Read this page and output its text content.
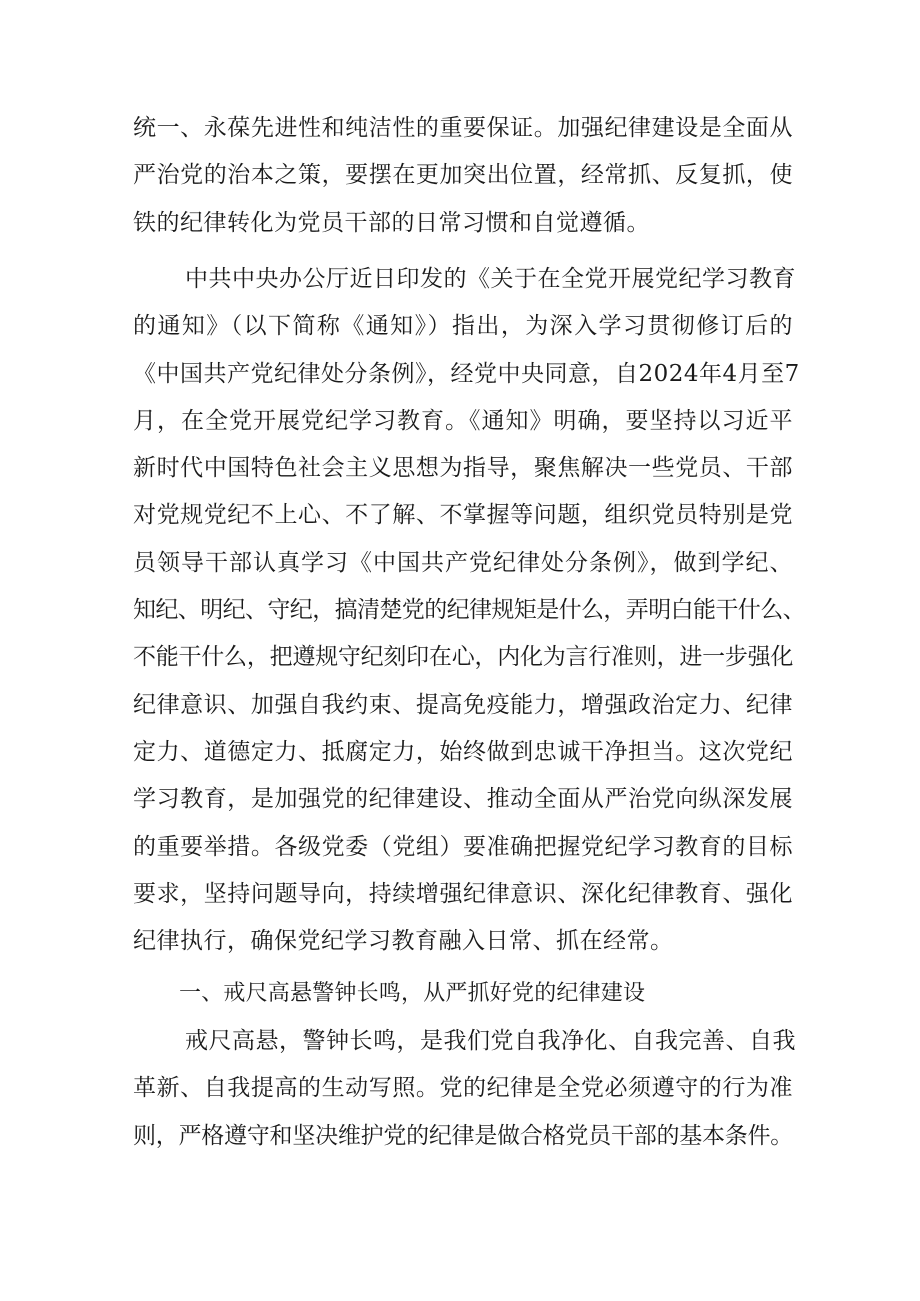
统一、永葆先进性和纯洁性的重要保证。加强纪律建设是全面从
严治党的治本之策，要摆在更加突出位置，经常抓、反复抓，使
铁的纪律转化为党员干部的日常习惯和自觉遵循。
中共中央办公厅近日印发的《关于在全党开展党纪学习教育
的通知》（以下简称《通知》）指出，为深入学习贯彻修订后的
《中国共产党纪律处分条例》，经党中央同意，自2024年4月至7
月，在全党开展党纪学习教育。《通知》明确，要坚持以习近平
新时代中国特色社会主义思想为指导，聚焦解决一些党员、干部
对党规党纪不上心、不了解、不掌握等问题，组织党员特别是党
员领导干部认真学习《中国共产党纪律处分条例》，做到学纪、
知纪、明纪、守纪，搞清楚党的纪律规矩是什么，弄明白能干什么、
不能干什么，把遵规守纪刻印在心，内化为言行准则，进一步强化
纪律意识、加强自我约束、提高免疫能力，增强政治定力、纪律
定力、道德定力、抵腐定力，始终做到忠诚干净担当。这次党纪
学习教育，是加强党的纪律建设、推动全面从严治党向纵深发展
的重要举措。各级党委（党组）要准确把握党纪学习教育的目标
要求，坚持问题导向，持续增强纪律意识、深化纪律教育、强化
纪律执行，确保党纪学习教育融入日常、抓在经常。
一、戒尺高悬警钟长鸣，从严抓好党的纪律建设
戒尺高悬，警钟长鸣，是我们党自我净化、自我完善、自我
革新、自我提高的生动写照。党的纪律是全党必须遵守的行为准
则，严格遵守和坚决维护党的纪律是做合格党员干部的基本条件。
